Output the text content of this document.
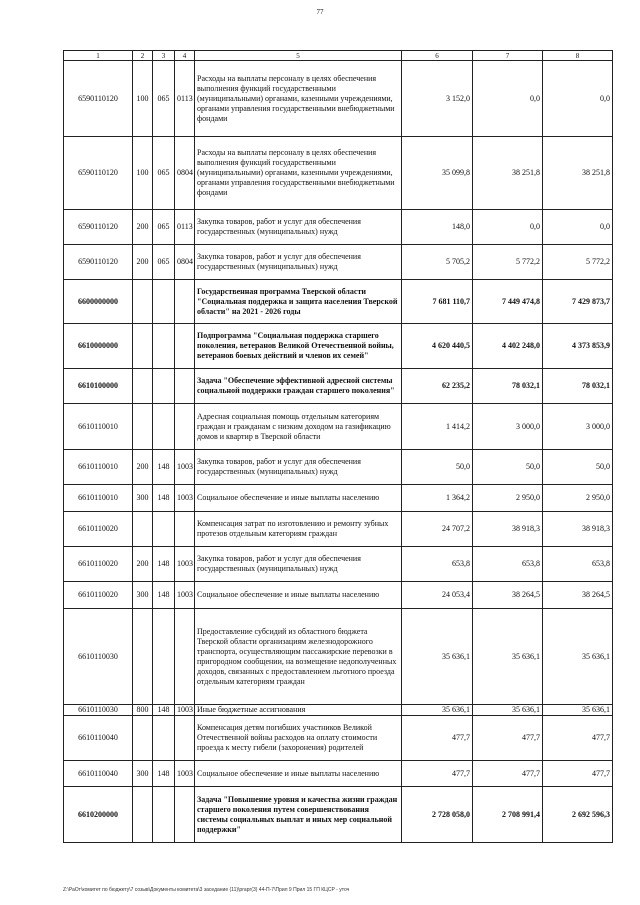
77
1	2	3	4	5	6	7	8
6590110120	100	065	0113	Расходы на выплаты персоналу в целях обеспечения выполнения функций государственными (муниципальными) органами, казенными учреждениями, органами управления государственными внебюджетными фондами	3 152,0	0,0	0,0
6590110120	100	065	0804	Расходы на выплаты персоналу в целях обеспечения выполнения функций государственными (муниципальными) органами, казенными учреждениями, органами управления государственными внебюджетными фондами	35 099,8	38 251,8	38 251,8
6590110120	200	065	0113	Закупка товаров, работ и услуг для обеспечения государственных (муниципальных) нужд	148,0	0,0	0,0
6590110120	200	065	0804	Закупка товаров, работ и услуг для обеспечения государственных (муниципальных) нужд	5 705,2	5 772,2	5 772,2
6600000000				Государственная программа Тверской области "Социальная поддержка и защита населения Тверской области" на 2021 - 2026 годы	7 681 110,7	7 449 474,8	7 429 873,7
6610000000				Подпрограмма "Социальная поддержка старшего поколения, ветеранов Великой Отечественной войны, ветеранов боевых действий и членов их семей"	4 620 440,5	4 402 248,0	4 373 853,9
6610100000				Задача "Обеспечение эффективной адресной системы социальной поддержки граждан старшего поколения"	62 235,2	78 032,1	78 032,1
6610110010				Адресная социальная помощь отдельным категориям граждан и гражданам с низким доходом на газификацию домов и квартир в Тверской области	1 414,2	3 000,0	3 000,0
6610110010	200	148	1003	Закупка товаров, работ и услуг для обеспечения государственных (муниципальных) нужд	50,0	50,0	50,0
6610110010	300	148	1003	Социальное обеспечение и иные выплаты населению	1 364,2	2 950,0	2 950,0
6610110020				Компенсация затрат по изготовлению и ремонту зубных протезов отдельным категориям граждан	24 707,2	38 918,3	38 918,3
6610110020	200	148	1003	Закупка товаров, работ и услуг для обеспечения государственных (муниципальных) нужд	653,8	653,8	653,8
6610110020	300	148	1003	Социальное обеспечение и иные выплаты населению	24 053,4	38 264,5	38 264,5
6610110030				Предоставление субсидий из областного бюджета Тверской области организациям железнодорожного транспорта, осуществляющим пассажирские перевозки в пригородном сообщении, на возмещение недополученных доходов, связанных с предоставлением льготного проезда отдельным категориям граждан	35 636,1	35 636,1	35 636,1
6610110030	800	148	1003	Иные бюджетные ассигнования	35 636,1	35 636,1	35 636,1
6610110040				Компенсация детям погибших участников Великой Отечественной войны расходов на оплату стоимости проезда к месту гибели (захоронения) родителей	477,7	477,7	477,7
6610110040	300	148	1003	Социальное обеспечение и иные выплаты населению	477,7	477,7	477,7
6610200000				Задача "Повышение уровня и качества жизни граждан старшего поколения путем совершенствования системы социальных выплат и иных мер социальной поддержки"	2 728 058,0	2 708 991,4	2 692 596,3
Z:\РаОт\комитет по бюджету\7 созыв\Документы комитета\3 заседание (11)\pгарг(3) 44-П-7\Прил 9 Прил 15 ГП КЦСР - уточ
